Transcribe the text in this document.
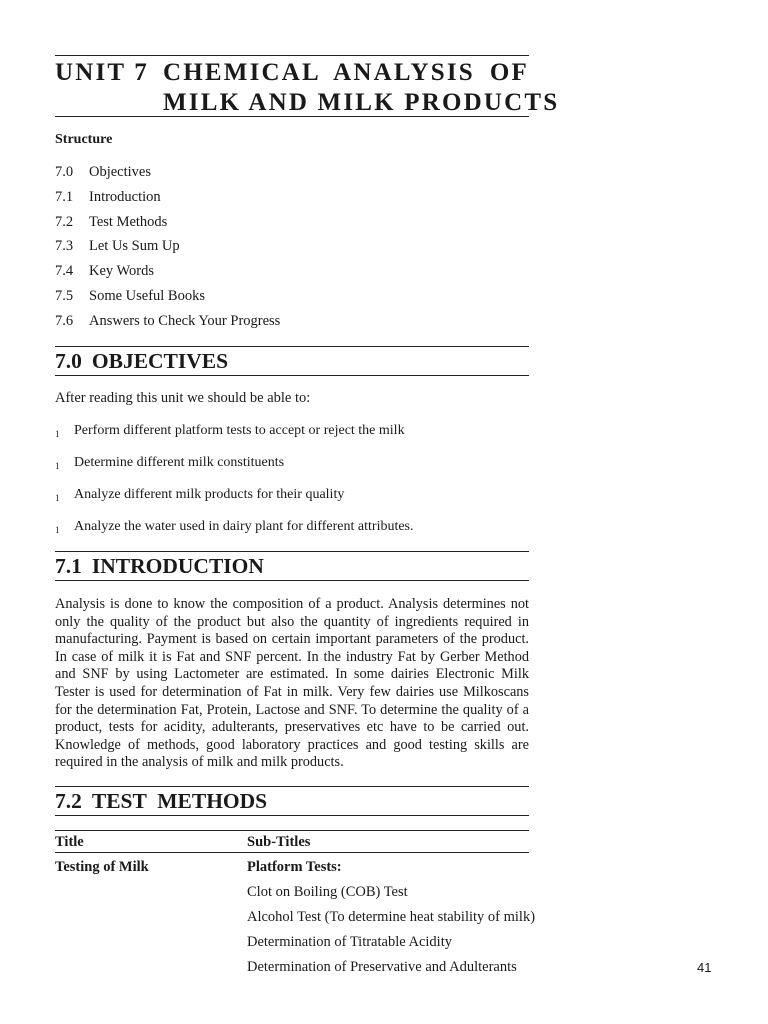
UNIT 7 CHEMICAL ANALYSIS OF
MILK AND MILK PRODUCTS
Structure
7.0	Objectives
7.1	Introduction
7.2	Test Methods
7.3	Let Us Sum Up
7.4	Key Words
7.5	Some Useful Books
7.6	Answers to Check Your Progress
7.0 OBJECTIVES
After reading this unit we should be able to:
1	Perform different platform tests to accept or reject the milk
1	Determine different milk constituents
1	Analyze different milk products for their quality
1	Analyze the water used in dairy plant for different attributes.
7.1 INTRODUCTION
Analysis is done to know the composition of a product. Analysis determines not only the quality of the product but also the quantity of ingredients required in manufacturing. Payment is based on certain important parameters of the product. In case of milk it is Fat and SNF percent. In the industry Fat by Gerber Method and SNF by using Lactometer are estimated. In some dairies Electronic Milk Tester is used for determination of Fat in milk. Very few dairies use Milkoscans for the determination Fat, Protein, Lactose and SNF. To determine the quality of a product, tests for acidity, adulterants, preservatives etc have to be carried out. Knowledge of methods, good laboratory practices and good testing skills are required in the analysis of milk and milk products.
7.2 TEST  METHODS
Title	Sub-Titles
Testing of Milk	Platform Tests:
Clot on Boiling (COB) Test
Alcohol Test (To determine heat stability of milk)
Determination of Titratable Acidity
Determination of Preservative and Adulterants	41
